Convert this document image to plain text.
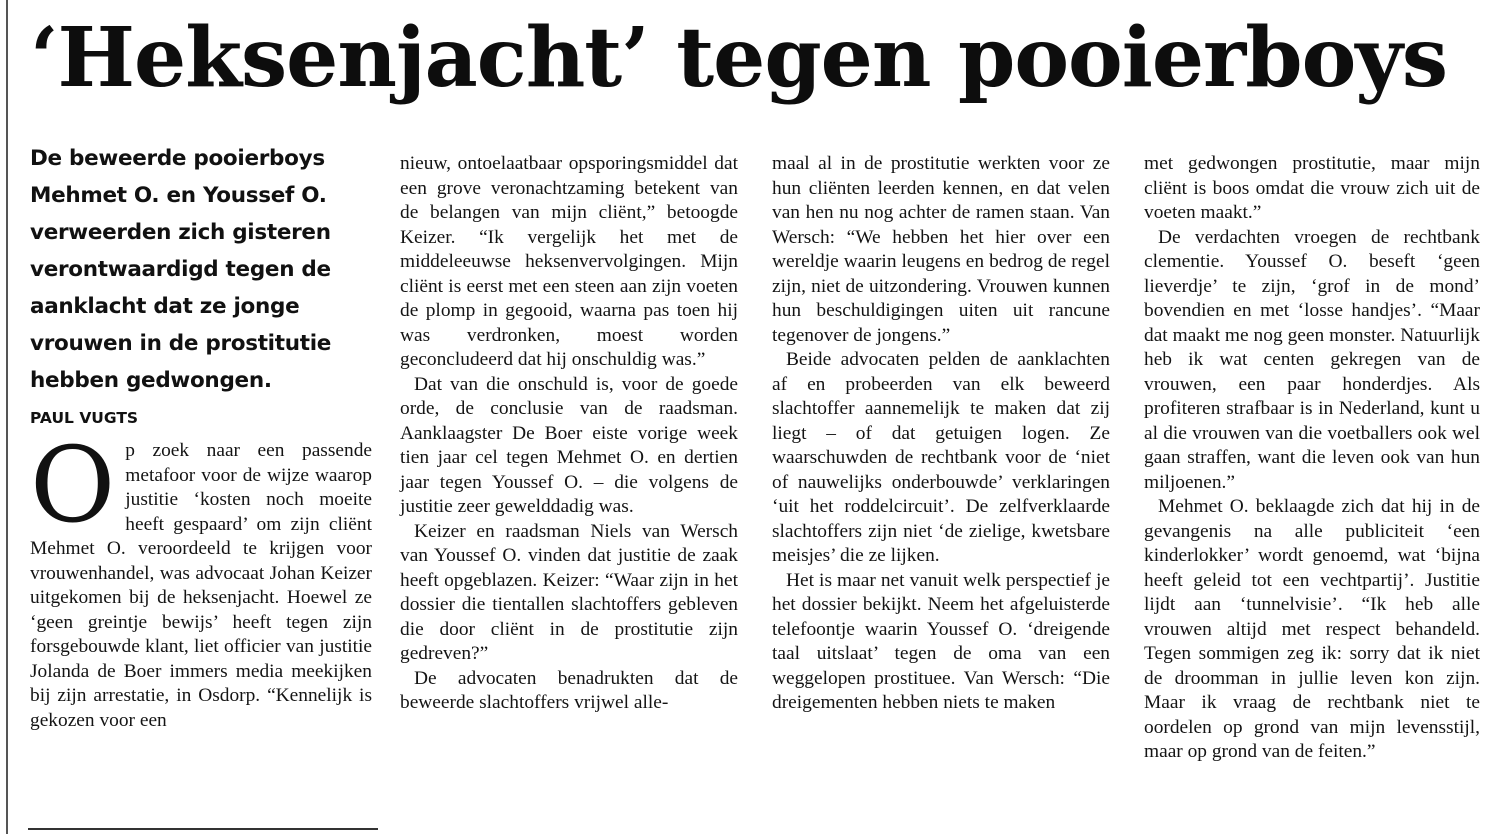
‘Heksenjacht’ tegen pooierboys
De beweerde pooierboys Mehmet O. en Youssef O. verweerden zich gisteren verontwaardigd tegen de aanklacht dat ze jonge vrouwen in de prostitutie hebben gedwongen.
PAUL VUGTS

Op zoek naar een passende metafoor voor de wijze waarop justitie ‘kosten noch moeite heeft gespaard’ om zijn cliënt Mehmet O. veroordeeld te krijgen voor vrouwenhandel, was advocaat Johan Keizer uitgekomen bij de heksenjacht. Hoewel ze ‘geen greintje bewijs’ heeft tegen zijn forsgebouwde klant, liet officier van justitie Jolanda de Boer immers media meekijken bij zijn arrestatie, in Osdorp. “Kennelijk is gekozen voor een

nieuw, ontoelaatbaar opsporingsmiddel dat een grove veronachtzaming betekent van de belangen van mijn cliënt,” betoogde Keizer. “Ik vergelijk het met de middeleeuwse heksenvervolgingen. Mijn cliënt is eerst met een steen aan zijn voeten de plomp in gegooid, waarna pas toen hij was verdronken, moest worden geconcludeerd dat hij onschuldig was.”

Dat van die onschuld is, voor de goede orde, de conclusie van de raadsman. Aanklaagster De Boer eiste vorige week tien jaar cel tegen Mehmet O. en dertien jaar tegen Youssef O. – die volgens de justitie zeer gewelddadig was.

Keizer en raadsman Niels van Wersch van Youssef O. vinden dat justitie de zaak heeft opgeblazen. Keizer: “Waar zijn in het dossier die tientallen slachtoffers gebleven die door cliënt in de prostitutie zijn gedreven?”

De advocaten benadrukten dat de beweerde slachtoffers vrijwel alle-

maal al in de prostitutie werkten voor ze hun cliënten leerden kennen, en dat velen van hen nu nog achter de ramen staan. Van Wersch: “We hebben het hier over een wereldje waarin leugens en bedrog de regel zijn, niet de uitzondering. Vrouwen kunnen hun beschuldigingen uiten uit rancune tegenover de jongens.”

Beide advocaten pelden de aanklachten af en probeerden van elk beweerd slachtoffer aannemelijk te maken dat zij liegt – of dat getuigen logen. Ze waarschuwden de rechtbank voor de ‘niet of nauwelijks onderbouwde’ verklaringen ‘uit het roddelcircuit’. De zelfverklaarde slachtoffers zijn niet ‘de zielige, kwetsbare meisjes’ die ze lijken.

Het is maar net vanuit welk perspectief je het dossier bekijkt. Neem het afgeluisterde telefoontje waarin Youssef O. ‘dreigende taal uitslaat’ tegen de oma van een weggelopen prostituee. Van Wersch: “Die dreigementen hebben niets te maken

met gedwongen prostitutie, maar mijn cliënt is boos omdat die vrouw zich uit de voeten maakt.”

De verdachten vroegen de rechtbank clementie. Youssef O. beseft ‘geen lieverdje’ te zijn, ‘grof in de mond’ bovendien en met ‘losse handjes’. “Maar dat maakt me nog geen monster. Natuurlijk heb ik wat centen gekregen van de vrouwen, een paar honderdjes. Als profiteren strafbaar is in Nederland, kunt u al die vrouwen van die voetballers ook wel gaan straffen, want die leven ook van hun miljoenen.”

Mehmet O. beklaagde zich dat hij in de gevangenis na alle publiciteit ‘een kinderlokker’ wordt genoemd, wat ‘bijna heeft geleid tot een vechtpartij’. Justitie lijdt aan ‘tunnelvisie’. “Ik heb alle vrouwen altijd met respect behandeld. Tegen sommigen zeg ik: sorry dat ik niet de droomman in jullie leven kon zijn. Maar ik vraag de rechtbank niet te oordelen op grond van mijn levensstijl, maar op grond van de feiten.”
